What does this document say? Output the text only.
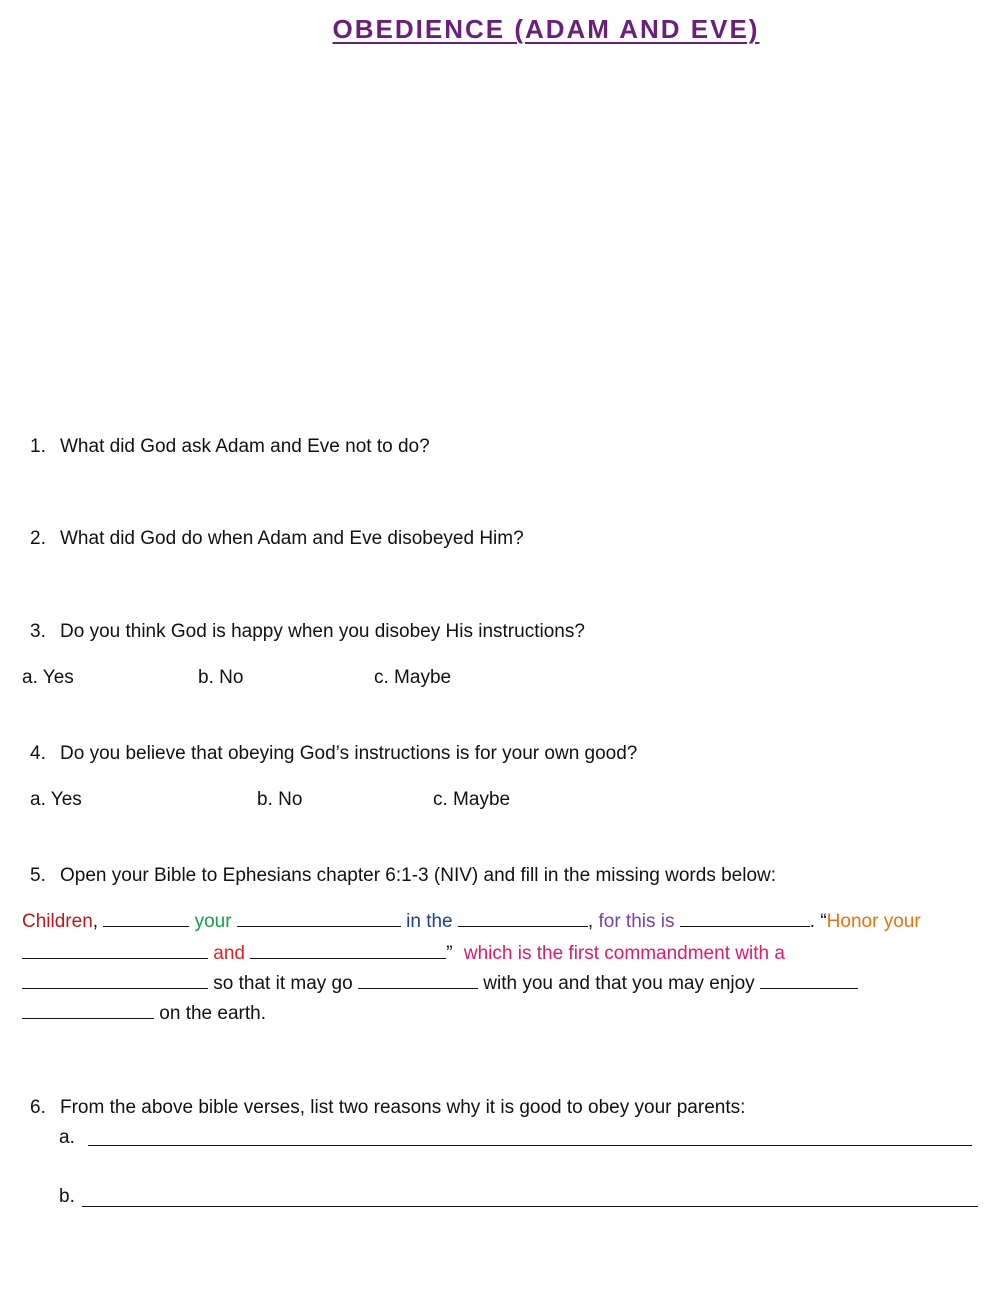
OBEDIENCE (ADAM AND EVE)
1. What did God ask Adam and Eve not to do?
2. What did God do when Adam and Eve disobeyed Him?
3. Do you think God is happy when you disobey His instructions?
a. Yes	b. No	c. Maybe
4. Do you believe that obeying God’s instructions is for your own good?
a. Yes	b. No	c. Maybe
5. Open your Bible to Ephesians chapter 6:1-3 (NIV) and fill in the missing words below:
Children,	your	in the	, for this is	. “Honor your
and	” which is the first commandment with a
so that it may go	with you and that you may enjoy
on the earth.
6. From the above bible verses, list two reasons why it is good to obey your parents:
a.
b.
